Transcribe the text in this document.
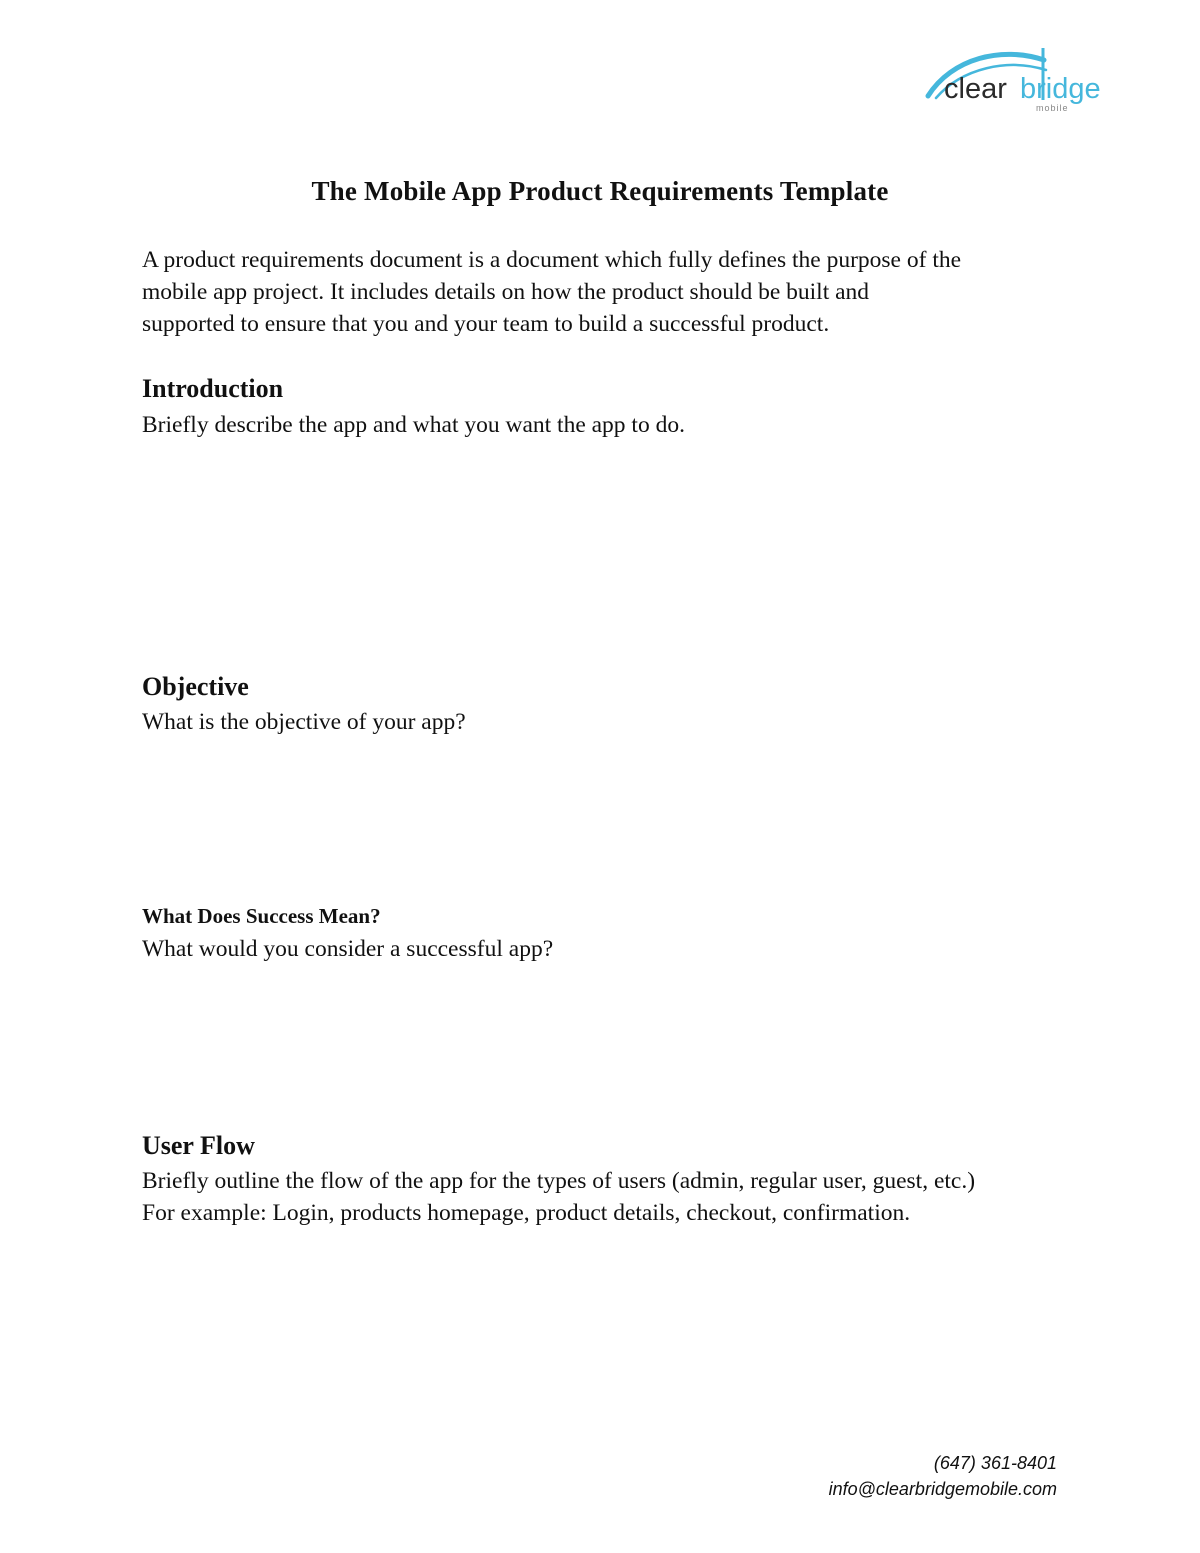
clear bridge
mobile
The Mobile App Product Requirements Template

A product requirements document is a document which fully defines the purpose of the
mobile app project. It includes details on how the product should be built and
supported to ensure that you and your team to build a successful product.

Introduction

Briefly describe the app and what you want the app to do.

Objective

What is the objective of your app?

What Does Success Mean?

What would you consider a successful app?

User Flow

Briefly outline the flow of the app for the types of users (admin, regular user, guest, etc.)

For example: Login, products homepage, product details, checkout, confirmation.

(647) 361-8401
info@clearbridgemobile.com
